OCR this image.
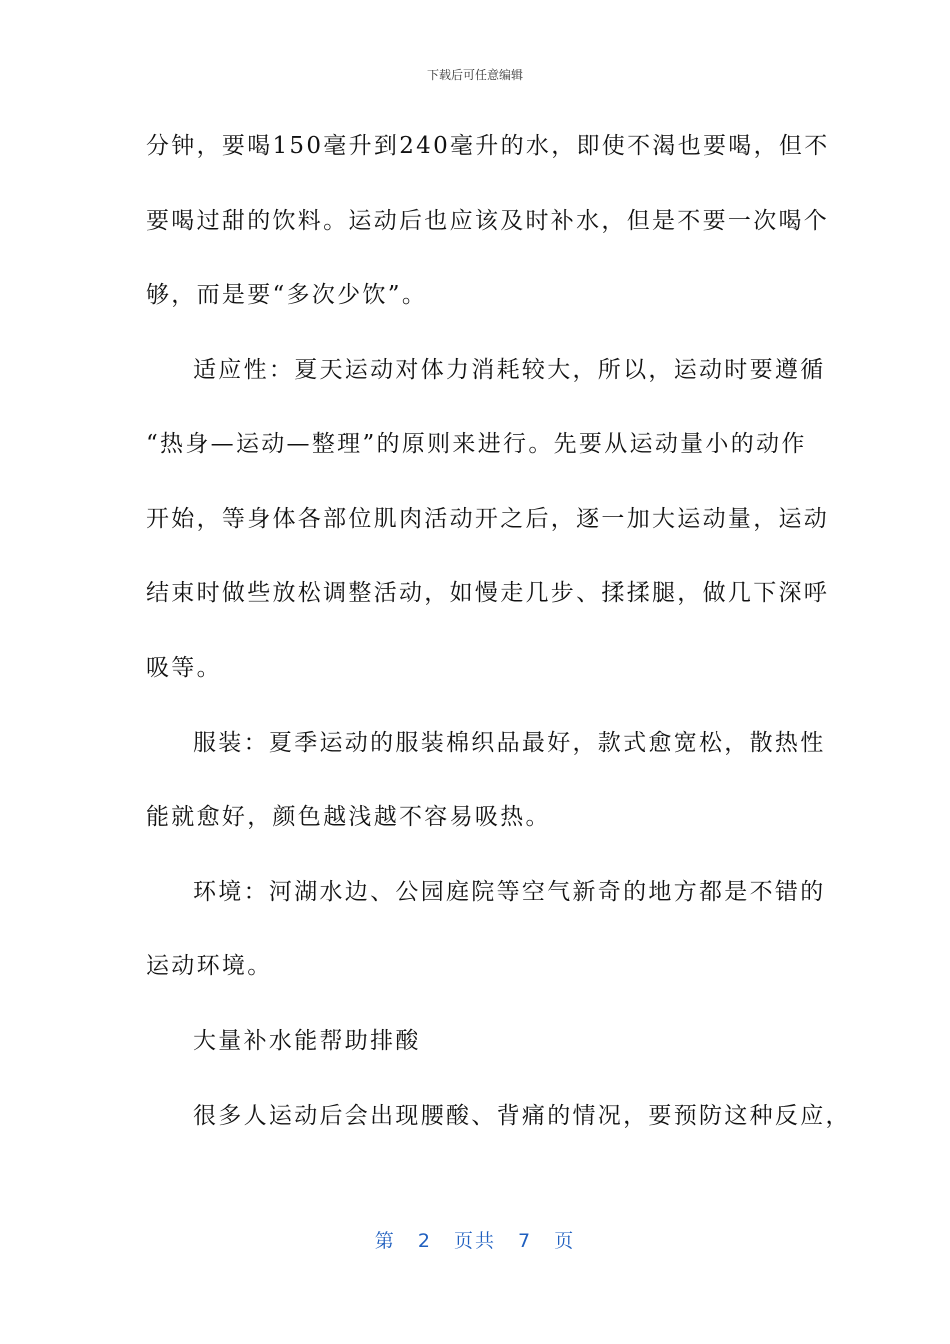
下载后可任意编辑
分钟，要喝150毫升到240毫升的水，即使不渴也要喝，但不
要喝过甜的饮料。运动后也应该及时补水，但是不要一次喝个
够，而是要“多次少饮”。
适应性：夏天运动对体力消耗较大，所以，运动时要遵循
“热身—运动—整理”的原则来进行。先要从运动量小的动作
开始，等身体各部位肌肉活动开之后，逐一加大运动量，运动
结束时做些放松调整活动，如慢走几步、揉揉腿，做几下深呼
吸等。
服装：夏季运动的服装棉织品最好，款式愈宽松，散热性
能就愈好，颜色越浅越不容易吸热。
环境：河湖水边、公园庭院等空气新奇的地方都是不错的
运动环境。
大量补水能帮助排酸
很多人运动后会出现腰酸、背痛的情况，要预防这种反应，
第 2 页共 7 页
